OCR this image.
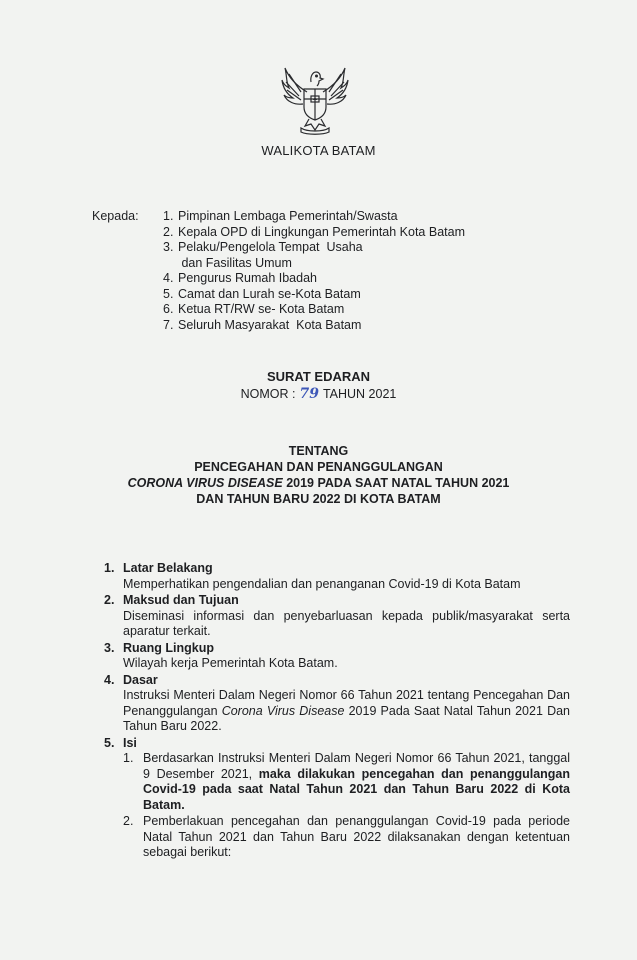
WALIKOTA BATAM
Kepada: 1. Pimpinan Lembaga Pemerintah/Swasta
2. Kepala OPD di Lingkungan Pemerintah Kota Batam
3. Pelaku/Pengelola Tempat  Usaha
dan Fasilitas Umum
4. Pengurus Rumah Ibadah
5. Camat dan Lurah se-Kota Batam
6. Ketua RT/RW se- Kota Batam
7. Seluruh Masyarakat  Kota Batam
SURAT EDARAN
NOMOR : 79 TAHUN 2021
TENTANG
PENCEGAHAN DAN PENANGGULANGAN
CORONA VIRUS DISEASE 2019 PADA SAAT NATAL TAHUN 2021
DAN TAHUN BARU 2022 DI KOTA BATAM
1. Latar Belakang
Memperhatikan pengendalian dan penanganan Covid-19 di Kota Batam
2. Maksud dan Tujuan
Diseminasi informasi dan penyebarluasan kepada publik/masyarakat serta aparatur terkait.
3. Ruang Lingkup
Wilayah kerja Pemerintah Kota Batam.
4. Dasar
Instruksi Menteri Dalam Negeri Nomor 66 Tahun 2021 tentang Pencegahan Dan Penanggulangan Corona Virus Disease 2019 Pada Saat Natal Tahun 2021 Dan Tahun Baru 2022.
5. Isi
1. Berdasarkan Instruksi Menteri Dalam Negeri Nomor 66 Tahun 2021, tanggal 9 Desember 2021, maka dilakukan pencegahan dan penanggulangan Covid-19 pada saat Natal Tahun 2021 dan Tahun Baru 2022 di Kota Batam.
2. Pemberlakuan pencegahan dan penanggulangan Covid-19 pada periode Natal Tahun 2021 dan Tahun Baru 2022 dilaksanakan dengan ketentuan sebagai berikut:
